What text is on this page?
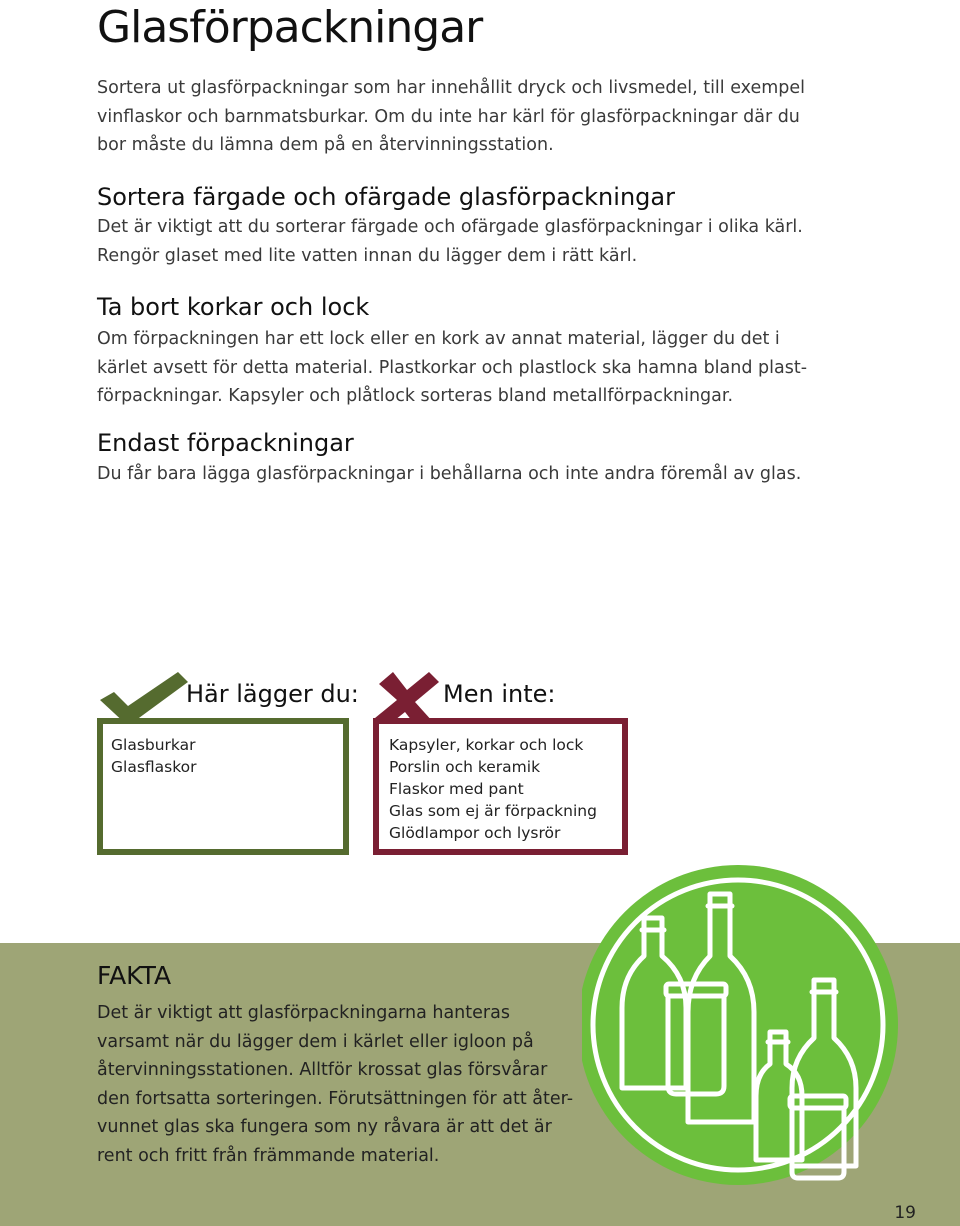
Glasförpackningar

Sortera ut glasförpackningar som har innehållit dryck och livsmedel, till exempel vinflaskor och barnmatsburkar. Om du inte har kärl för glasförpackningar där du bor måste du lämna dem på en återvinningsstation.

Sortera färgade och ofärgade glasförpackningar

Det är viktigt att du sorterar färgade och ofärgade glasförpackningar i olika kärl. Rengör glaset med lite vatten innan du lägger dem i rätt kärl.

Ta bort korkar och lock

Om förpackningen har ett lock eller en kork av annat material, lägger du det i kärlet avsett för detta material. Plastkorkar och plastlock ska hamna bland plast-förpackningar. Kapsyler och plåtlock sorteras bland metallförpackningar.

Endast förpackningar

Du får bara lägga glasförpackningar i behållarna och inte andra föremål av glas.

Här lägger du:
Glasburkar
Glasflaskor
Men inte:
Kapsyler, korkar och lock
Porslin och keramik
Flaskor med pant
Glas som ej är förpackning
Glödlampor och lysrör
FAKTA

Det är viktigt att glasförpackningarna hanteras varsamt när du lägger dem i kärlet eller igloon på återvinningsstationen. Alltför krossat glas försvårar den fortsatta sorteringen. Förutsättningen för att åter-vunnet glas ska fungera som ny råvara är att det är rent och fritt från främmande material.

19
